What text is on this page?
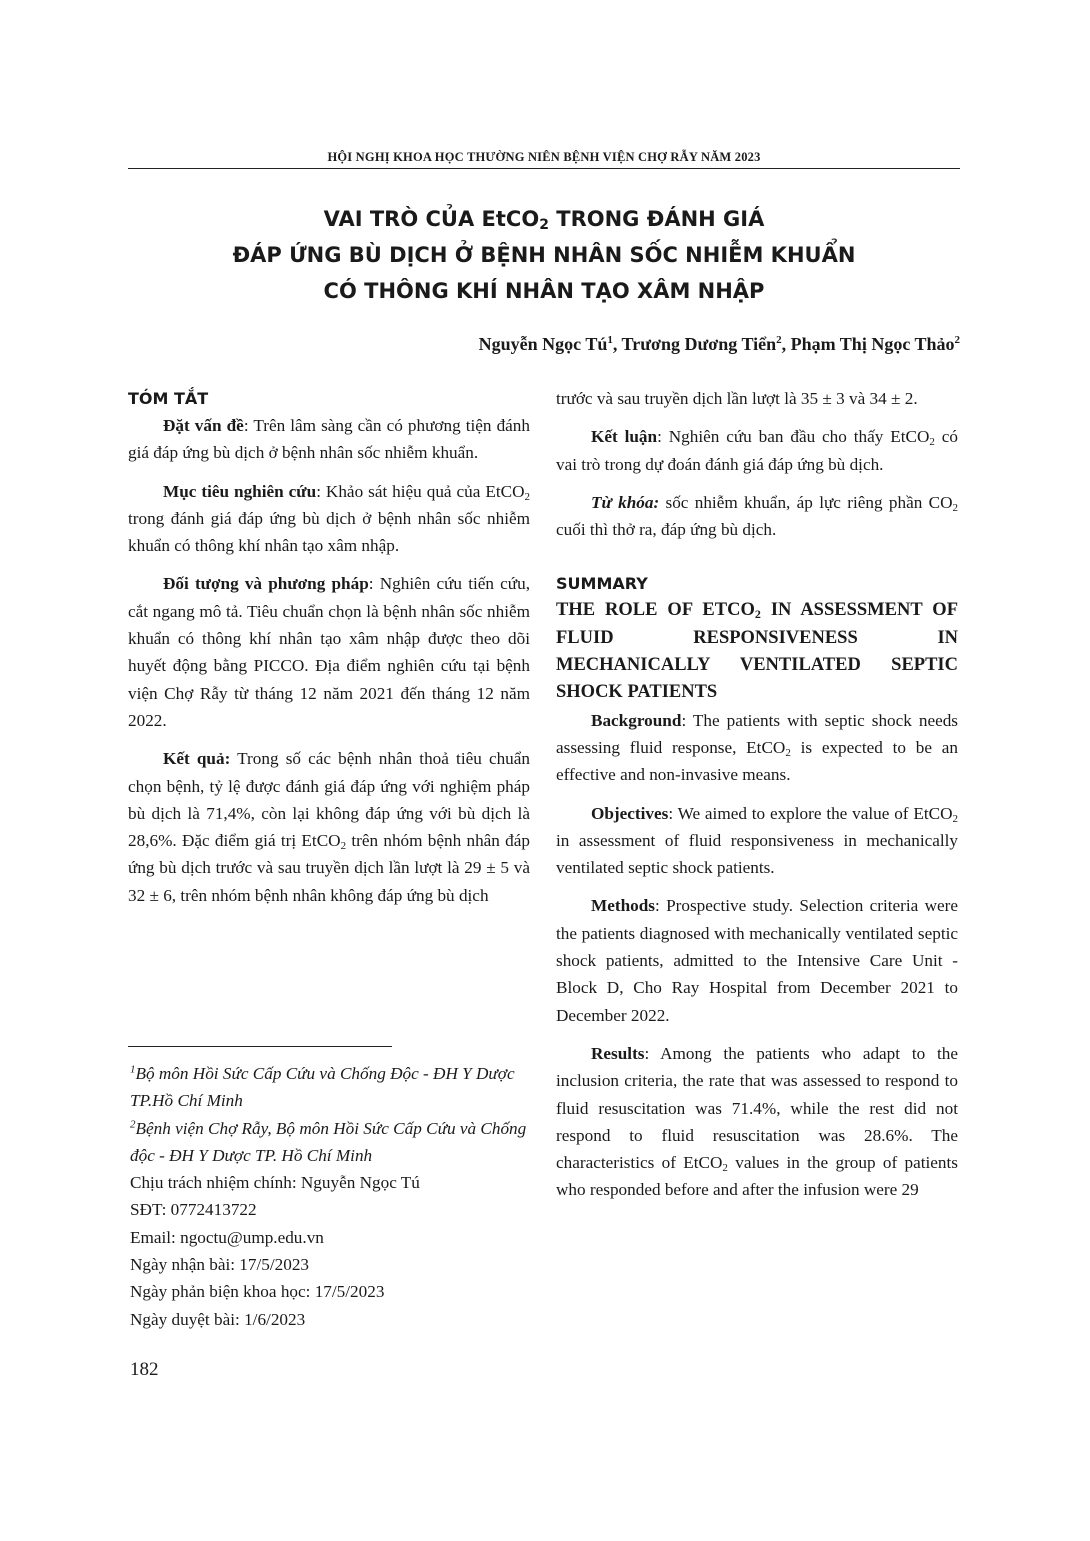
HỘI NGHỊ KHOA HỌC THƯỜNG NIÊN BỆNH VIỆN CHỢ RẪY NĂM 2023
VAI TRÒ CỦA EtCO$_2$ TRONG ĐÁNH GIÁ
ĐÁP ỨNG BÙ DỊCH Ở BỆNH NHÂN SỐC NHIỄM KHUẨN
CÓ THÔNG KHÍ NHÂN TẠO XÂM NHẬP
Nguyễn Ngọc $Tú^1$, Trương Dương Tiển$^2$, Phạm Thị Ngọc Thảo$^2$

TÓM TẮT

Đặt vấn đề: Trên lâm sàng cần có phương tiện đánh giá đáp ứng bù dịch ở bệnh nhân sốc nhiễm khuẩn.

Mục tiêu nghiên cứu: Khảo sát hiệu quả của EtCO$_2$ trong đánh giá đáp ứng bù dịch ở bệnh nhân sốc nhiễm khuẩn có thông khí nhân tạo xâm nhập.

Đối tượng và phương pháp: Nghiên cứu tiến cứu, cắt ngang mô tả. Tiêu chuẩn chọn là bệnh nhân sốc nhiễm khuẩn có thông khí nhân tạo xâm nhập được theo dõi huyết động bằng PICCO. Địa điểm nghiên cứu tại bệnh viện Chợ Rẫy từ tháng 12 năm 2021 đến tháng 12 năm 2022.

Kết quả: Trong số các bệnh nhân thoả tiêu chuẩn chọn bệnh, tỷ lệ được đánh giá đáp ứng với nghiệm pháp bù dịch là 71,4%, còn lại không đáp ứng với bù dịch là 28,6%. Đặc điểm giá trị EtCO$_2$ trên nhóm bệnh nhân đáp ứng bù dịch trước và sau truyền dịch lần lượt là 29 ± 5 và 32 ± 6, trên nhóm bệnh nhân không đáp ứng bù dịch

$^1$Bộ môn Hồi Sức Cấp Cứu và Chống Độc - ĐH Y Dược TP.Hồ Chí Minh

$^2$Bệnh viện Chợ Rẫy, Bộ môn Hồi Sức Cấp Cứu và Chống độc - ĐH Y Dược TP. Hồ Chí Minh

Chịu trách nhiệm chính: Nguyễn Ngọc Tú

SĐT: 0772413722

Email: ngoctu@ump.edu.vn

Ngày nhận bài: 17/5/2023

Ngày phản biện khoa học: 17/5/2023

Ngày duyệt bài: 1/6/2023

trước và sau truyền dịch lần lượt là 35 ± 3 và 34 ± 2.

Kết luận: Nghiên cứu ban đầu cho thấy EtCO$_2$ có vai trò trong dự đoán đánh giá đáp ứng bù dịch.

Từ khóa: sốc nhiễm khuẩn, áp lực riêng phần $CO_2$ cuối thì thở ra, đáp ứng bù dịch.

SUMMARY

THE ROLE OF $ETCO_2$ IN ASSESSMENT OF FLUID RESPONSIVENESS IN MECHANICALLY VENTILATED SEPTIC SHOCK PATIENTS

Background: The patients with septic shock needs assessing fluid response, EtCO$_2$ is expected to be an effective and non-invasive means.

Objectives: We aimed to explore the value of EtCO$_2$ in assessment of fluid responsiveness in mechanically ventilated septic shock patients.

Methods: Prospective study. Selection criteria were the patients diagnosed with mechanically ventilated septic shock patients, admitted to the Intensive Care Unit - Block D, Cho Ray Hospital from December 2021 to December 2022.

Results: Among the patients who adapt to the inclusion criteria, the rate that was assessed to respond to fluid resuscitation was 71.4%, while the rest did not respond to fluid resuscitation was 28.6%. The characteristics of EtCO$_2$ values in the group of patients who responded before and after the infusion were 29

182
